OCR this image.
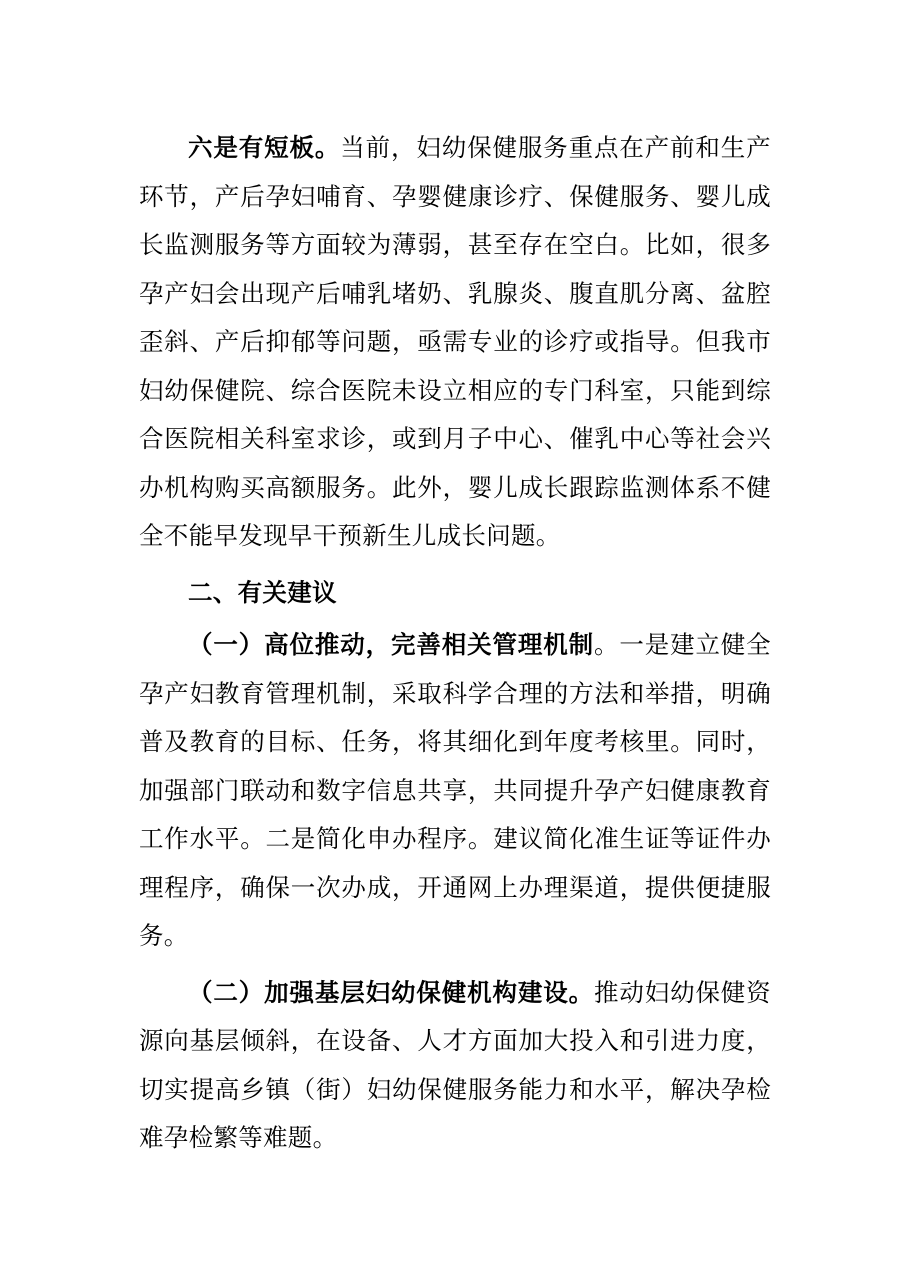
六是有短板。当前，妇幼保健服务重点在产前和生产环节，产后孕妇哺育、孕婴健康诊疗、保健服务、婴儿成长监测服务等方面较为薄弱，甚至存在空白。比如，很多孕产妇会出现产后哺乳堵奶、乳腺炎、腹直肌分离、盆腔歪斜、产后抑郁等问题，亟需专业的诊疗或指导。但我市妇幼保健院、综合医院未设立相应的专门科室，只能到综合医院相关科室求诊，或到月子中心、催乳中心等社会兴办机构购买高额服务。此外，婴儿成长跟踪监测体系不健全不能早发现早干预新生儿成长问题。

二、有关建议

（一）高位推动，完善相关管理机制。一是建立健全孕产妇教育管理机制，采取科学合理的方法和举措，明确普及教育的目标、任务，将其细化到年度考核里。同时，加强部门联动和数字信息共享，共同提升孕产妇健康教育工作水平。二是简化申办程序。建议简化准生证等证件办理程序，确保一次办成，开通网上办理渠道，提供便捷服务。

（二）加强基层妇幼保健机构建设。推动妇幼保健资源向基层倾斜，在设备、人才方面加大投入和引进力度，切实提高乡镇（街）妇幼保健服务能力和水平，解决孕检难孕检繁等难题。
